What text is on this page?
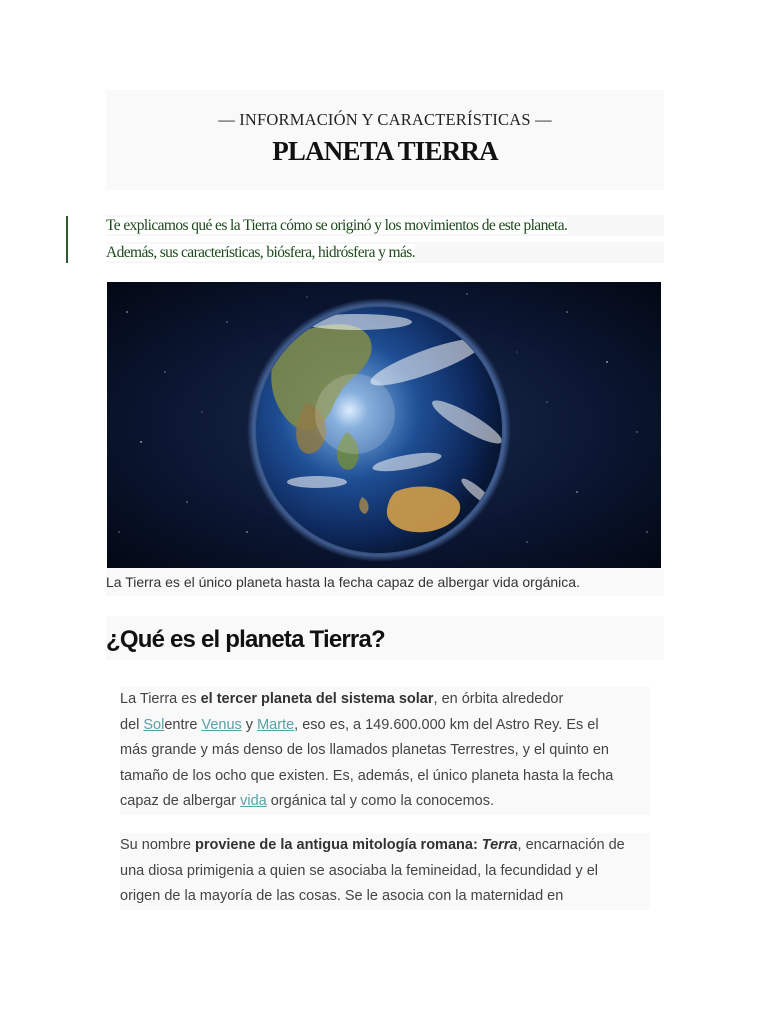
— INFORMACIÓN Y CARACTERÍSTICAS —
PLANETA TIERRA
Te explicamos qué es la Tierra cómo se originó y los movimientos de este planeta.
Además, sus características, biósfera, hidrósfera y más.
La Tierra es el único planeta hasta la fecha capaz de albergar vida orgánica.
¿Qué es el planeta Tierra?
La Tierra es el tercer planeta del sistema solar, en órbita alrededor
del Solentre Venus y Marte, eso es, a 149.600.000 km del Astro Rey. Es el
más grande y más denso de los llamados planetas Terrestres, y el quinto en
tamaño de los ocho que existen. Es, además, el único planeta hasta la fecha
capaz de albergar vida orgánica tal y como la conocemos.
Su nombre proviene de la antigua mitología romana: Terra, encarnación de
una diosa primigenia a quien se asociaba la femineidad, la fecundidad y el
origen de la mayoría de las cosas. Se le asocia con la maternidad en
